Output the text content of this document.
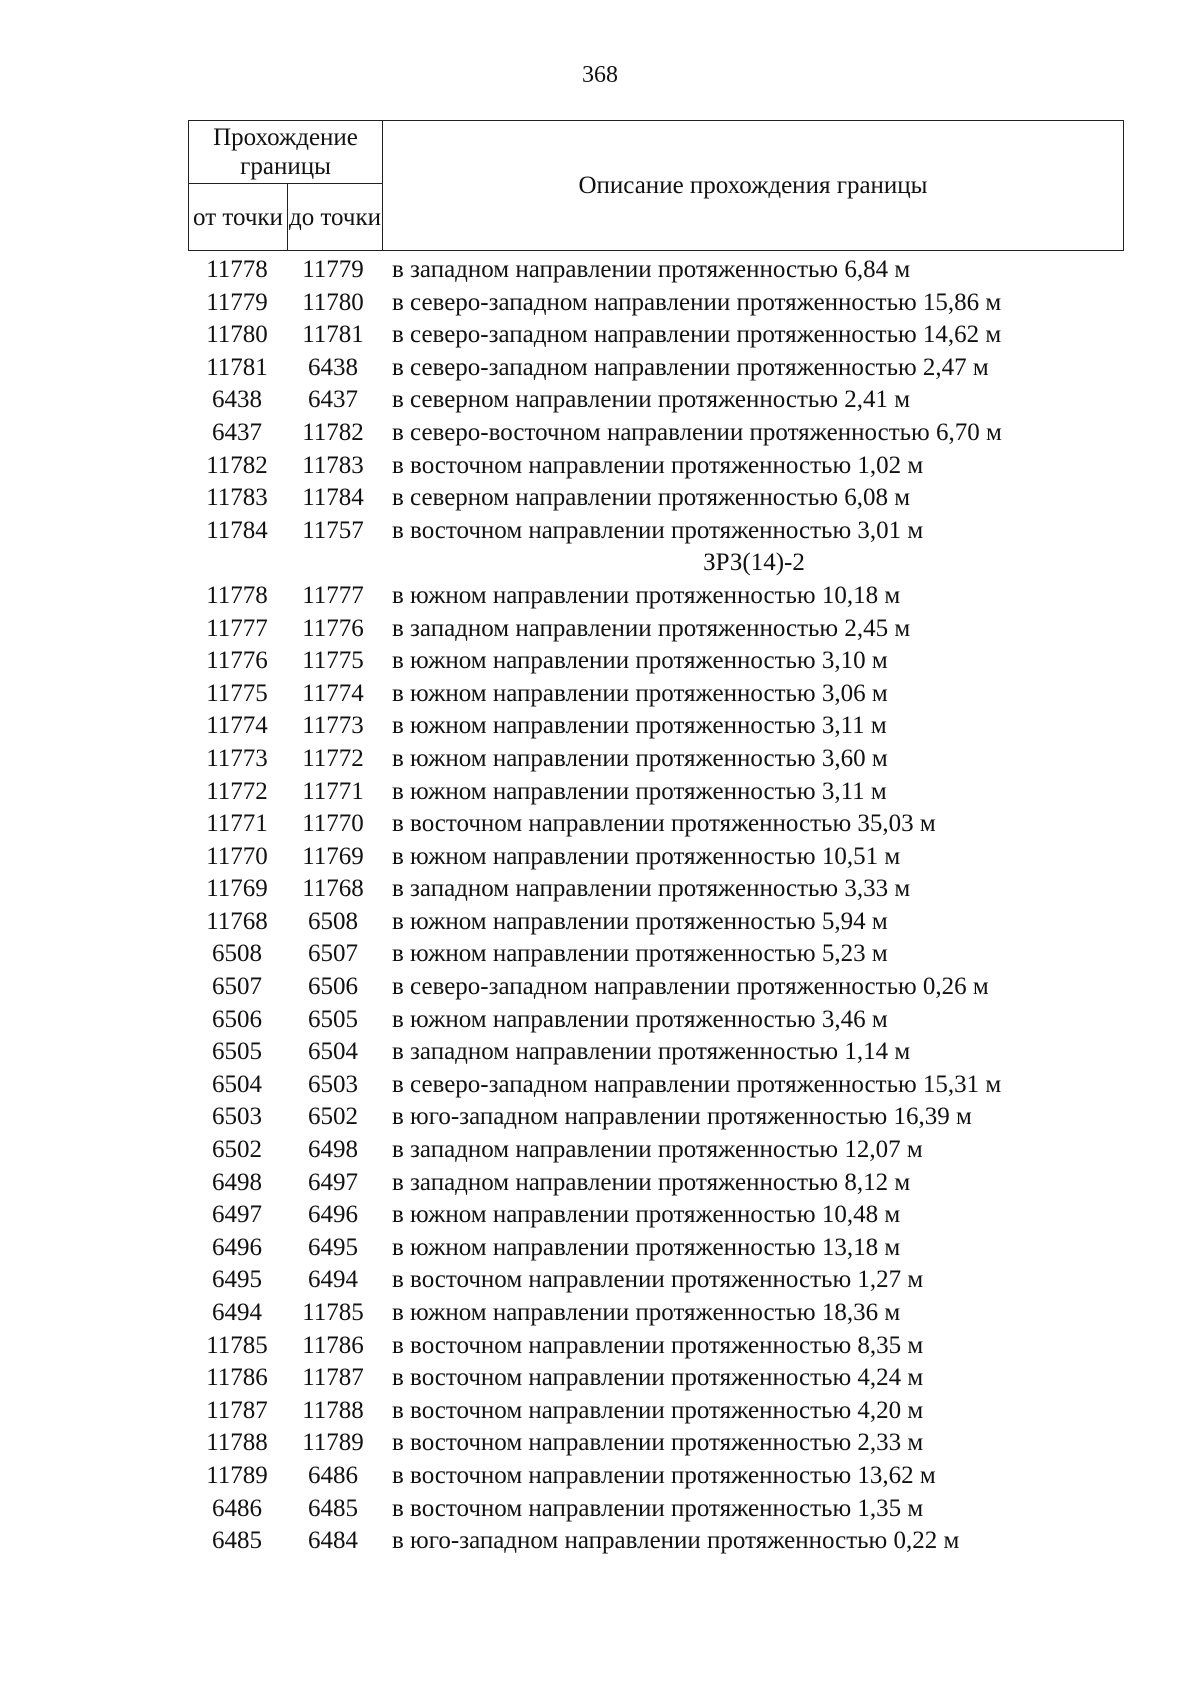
368
Прохождение границы		Описание прохождения границы
от точки	до точки	
11778	11779	в западном направлении протяженностью 6,84 м
11779	11780	в северо-западном направлении протяженностью 15,86 м
11780	11781	в северо-западном направлении протяженностью 14,62 м
11781	6438	в северо-западном направлении протяженностью 2,47 м
6438	6437	в северном направлении протяженностью 2,41 м
6437	11782	в северо-восточном направлении протяженностью 6,70 м
11782	11783	в восточном направлении протяженностью 1,02 м
11783	11784	в северном направлении протяженностью 6,08 м
11784	11757	в восточном направлении протяженностью 3,01 м
ЗРЗ(14)-2
11778	11777	в южном направлении протяженностью 10,18 м
11777	11776	в западном направлении протяженностью 2,45 м
11776	11775	в южном направлении протяженностью 3,10 м
11775	11774	в южном направлении протяженностью 3,06 м
11774	11773	в южном направлении протяженностью 3,11 м
11773	11772	в южном направлении протяженностью 3,60 м
11772	11771	в южном направлении протяженностью 3,11 м
11771	11770	в восточном направлении протяженностью 35,03 м
11770	11769	в южном направлении протяженностью 10,51 м
11769	11768	в западном направлении протяженностью 3,33 м
11768	6508	в южном направлении протяженностью 5,94 м
6508	6507	в южном направлении протяженностью 5,23 м
6507	6506	в северо-западном направлении протяженностью 0,26 м
6506	6505	в южном направлении протяженностью 3,46 м
6505	6504	в западном направлении протяженностью 1,14 м
6504	6503	в северо-западном направлении протяженностью 15,31 м
6503	6502	в юго-западном направлении протяженностью 16,39 м
6502	6498	в западном направлении протяженностью 12,07 м
6498	6497	в западном направлении протяженностью 8,12 м
6497	6496	в южном направлении протяженностью 10,48 м
6496	6495	в южном направлении протяженностью 13,18 м
6495	6494	в восточном направлении протяженностью 1,27 м
6494	11785	в южном направлении протяженностью 18,36 м
11785	11786	в восточном направлении протяженностью 8,35 м
11786	11787	в восточном направлении протяженностью 4,24 м
11787	11788	в восточном направлении протяженностью 4,20 м
11788	11789	в восточном направлении протяженностью 2,33 м
11789	6486	в восточном направлении протяженностью 13,62 м
6486	6485	в восточном направлении протяженностью 1,35 м
6485	6484	в юго-западном направлении протяженностью 0,22 м
